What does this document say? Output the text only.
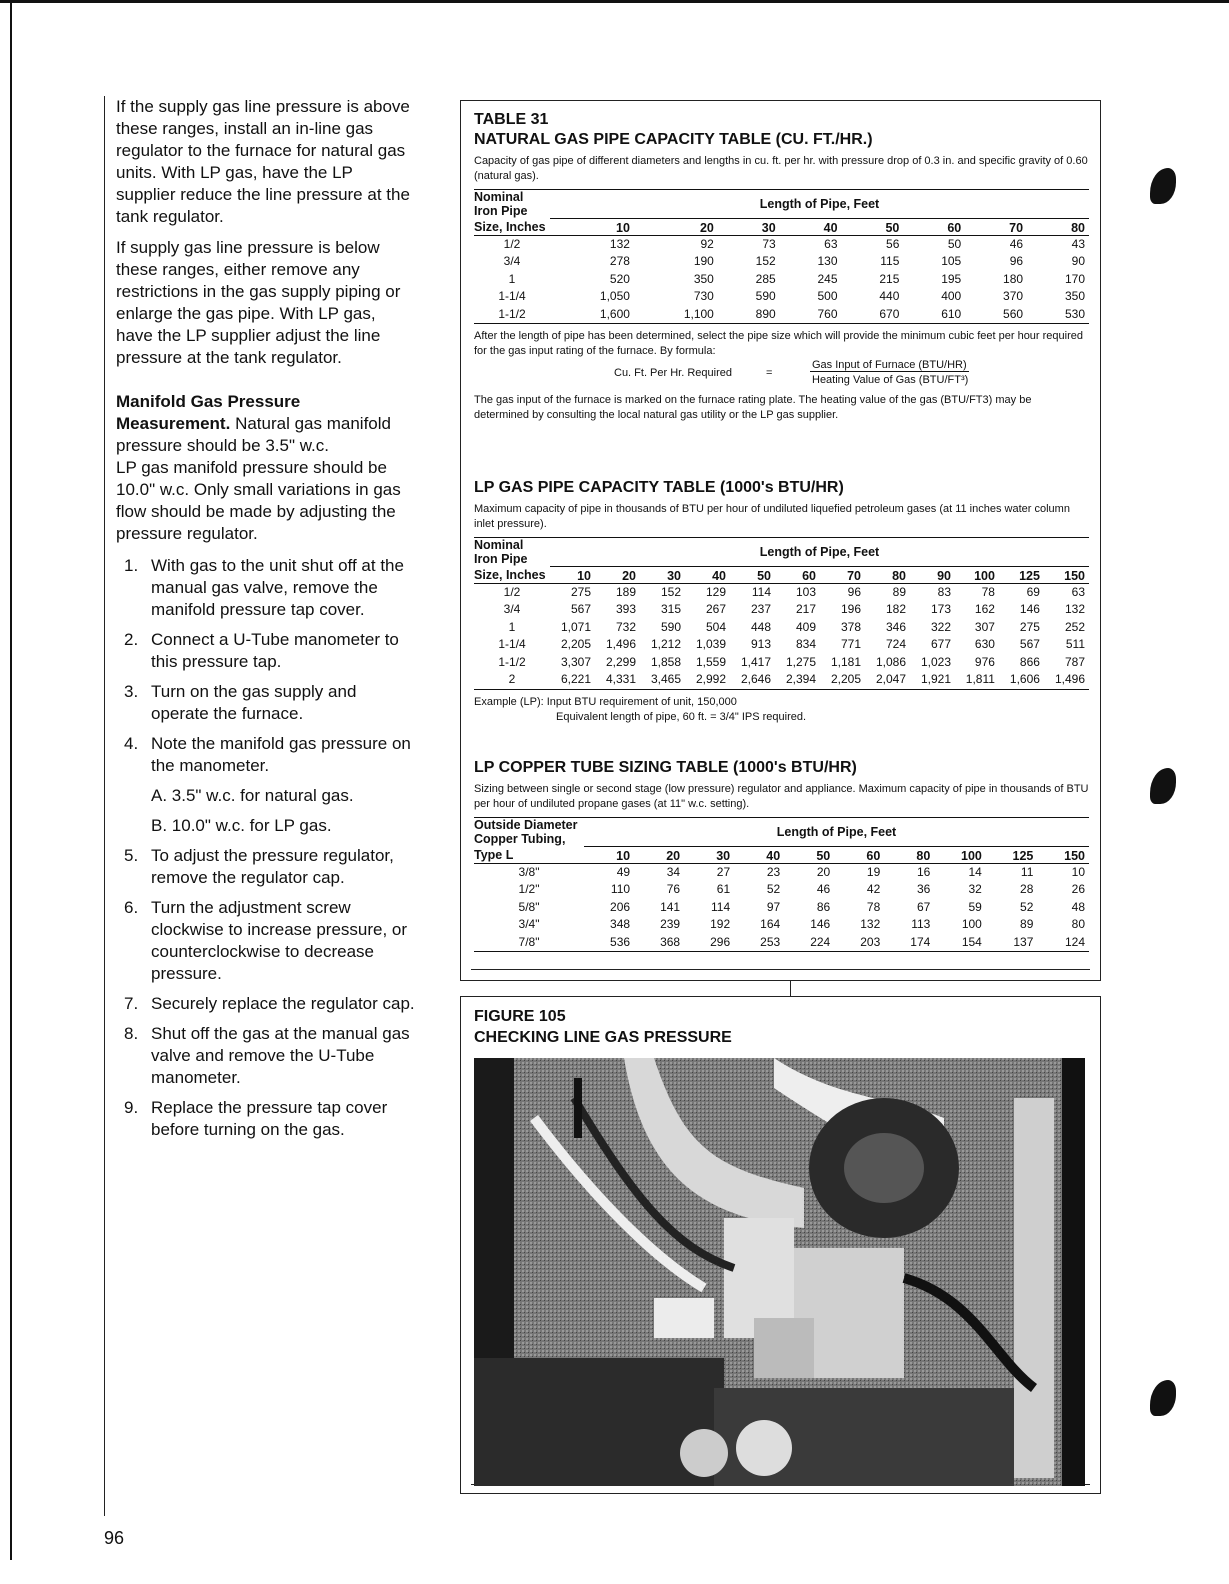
If the supply gas line pressure is above these ranges, install an in-line gas regulator to the furnace for natural gas units. With LP gas, have the LP supplier reduce the line pressure at the tank regulator.

If supply gas line pressure is below these ranges, either remove any restrictions in the gas supply piping or enlarge the gas pipe. With LP gas, have the LP supplier adjust the line pressure at the tank regulator.

Manifold Gas Pressure Measurement. Natural gas manifold pressure should be 3.5" w.c.

LP gas manifold pressure should be 10.0" w.c. Only small variations in gas flow should be made by adjusting the pressure regulator.

1. With gas to the unit shut off at the manual gas valve, remove the manifold pressure tap cover.
2. Connect a U-Tube manometer to this pressure tap.
3. Turn on the gas supply and operate the furnace.
4. Note the manifold gas pressure on the manometer.
A. 3.5" w.c. for natural gas.
B. 10.0" w.c. for LP gas.
5. To adjust the pressure regulator, remove the regulator cap.
6. Turn the adjustment screw clockwise to increase pressure, or counterclockwise to decrease pressure.
7. Securely replace the regulator cap.
8. Shut off the gas at the manual gas valve and remove the U-Tube manometer.
9. Replace the pressure tap cover before turning on the gas.
96
TABLE 31
NATURAL GAS PIPE CAPACITY TABLE (CU. FT./HR.)
Capacity of gas pipe of different diameters and lengths in cu. ft. per hr. with pressure drop of 0.3 in. and specific gravity of 0.60 (natural gas).
Nominal	Length of Pipe, Feet							
Iron Pipe								
Size, Inches	10	20	30	40	50	60	70	80
1/2	132	92	73	63	56	50	46	43
3/4	278	190	152	130	115	105	96	90
1	520	350	285	245	215	195	180	170
1-1/4	1,050	730	590	500	440	400	370	350
1-1/2	1,600	1,100	890	760	670	610	560	530
After the length of pipe has been determined, select the pipe size which will provide the minimum cubic feet per hour required for the gas input rating of the furnace. By formula:
Cu. Ft. Per Hr. Required	=
Gas Input of Furnace (BTU/HR)
Heating Value of Gas (BTU/FT³)
The gas input of the furnace is marked on the furnace rating plate. The heating value of the gas (BTU/FT3) may be determined by consulting the local natural gas utility or the LP gas supplier.
LP GAS PIPE CAPACITY TABLE (1000's BTU/HR)
Maximum capacity of pipe in thousands of BTU per hour of undiluted liquefied petroleum gases (at 11 inches water column inlet pressure).
Nominal	Length of Pipe, Feet											
Iron Pipe												
Size, Inches	10	20	30	40	50	60	70	80	90	100	125	150
1/2	275	189	152	129	114	103	96	89	83	78	69	63
3/4	567	393	315	267	237	217	196	182	173	162	146	132
1	1,071	732	590	504	448	409	378	346	322	307	275	252
1-1/4	2,205	1,496	1,212	1,039	913	834	771	724	677	630	567	511
1-1/2	3,307	2,299	1,858	1,559	1,417	1,275	1,181	1,086	1,023	976	866	787
2	6,221	4,331	3,465	2,992	2,646	2,394	2,205	2,047	1,921	1,811	1,606	1,496
Example (LP): Input BTU requirement of unit, 150,000
Equivalent length of pipe, 60 ft. = 3/4" IPS required.
LP COPPER TUBE SIZING TABLE (1000's BTU/HR)
Sizing between single or second stage (low pressure) regulator and appliance. Maximum capacity of pipe in thousands of BTU per hour of undiluted propane gases (at 11" w.c. setting).
Outside Diameter	Length of Pipe, Feet									
Copper Tubing,										
Type L	10	20	30	40	50	60	80	100	125	150
3/8"	49	34	27	23	20	19	16	14	11	10
1/2"	110	76	61	52	46	42	36	32	28	26
5/8"	206	141	114	97	86	78	67	59	52	48
3/4"	348	239	192	164	146	132	113	100	89	80
7/8"	536	368	296	253	224	203	174	154	137	124
FIGURE 105
CHECKING LINE GAS PRESSURE
